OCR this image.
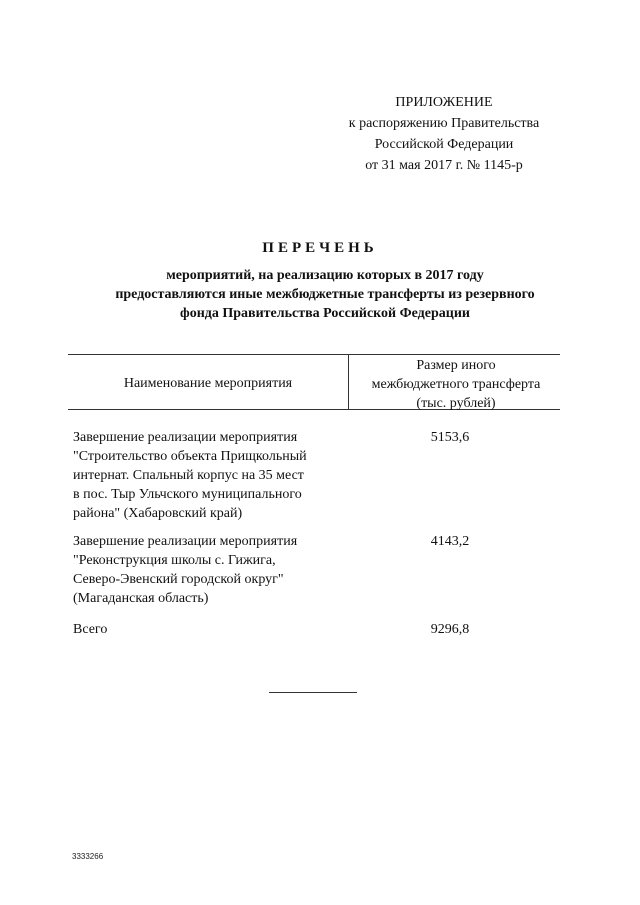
ПРИЛОЖЕНИЕ
к распоряжению Правительства
Российской Федерации
от 31 мая 2017 г. № 1145-р
ПЕРЕЧЕНЬ
мероприятий, на реализацию которых в 2017 году
предоставляются иные межбюджетные трансферты из резервного
фонда Правительства Российской Федерации
Наименование мероприятия
Размер иного
межбюджетного трансферта
(тыс. рублей)
Завершение реализации мероприятия
"Строительство объекта Прищкольный
интернат. Спальный корпус на 35 мест
в пос. Тыр Ульчского муниципального
района" (Хабаровский край)
5153,6
Завершение реализации мероприятия
"Реконструкция школы с. Гижига,
Северо-Эвенский городской округ"
(Магаданская область)
4143,2
Всего	9296,8
3333266
